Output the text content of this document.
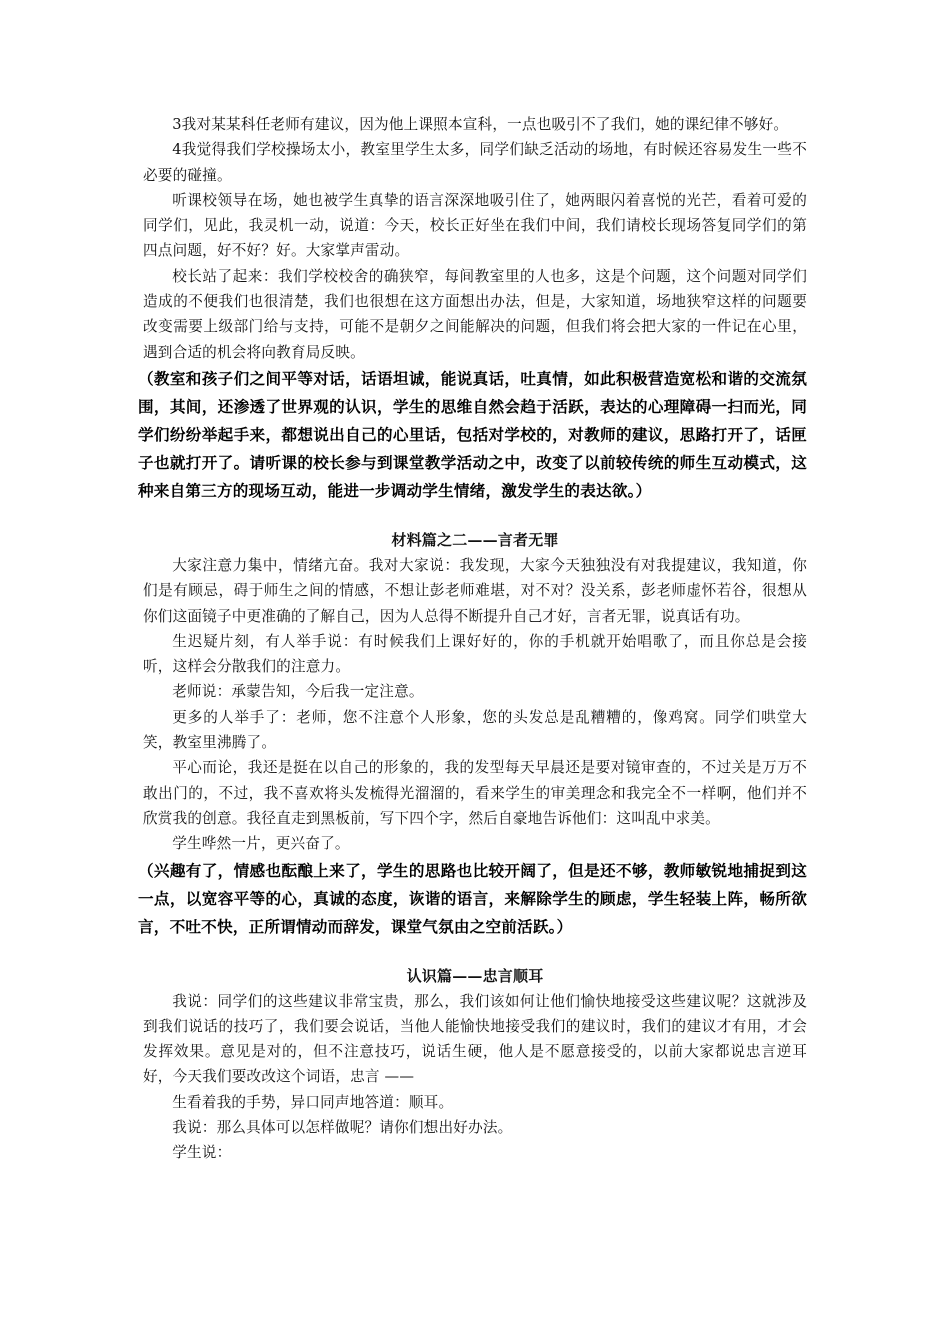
3我对某某科任老师有建议，因为他上课照本宣科，一点也吸引不了我们，她的课纪律不够好。

4我觉得我们学校操场太小，教室里学生太多，同学们缺乏活动的场地，有时候还容易发生一些不必要的碰撞。

听课校领导在场，她也被学生真挚的语言深深地吸引住了，她两眼闪着喜悦的光芒，看着可爱的同学们，见此，我灵机一动，说道：今天，校长正好坐在我们中间，我们请校长现场答复同学们的第四点问题，好不好？好。大家掌声雷动。

校长站了起来：我们学校校舍的确狭窄，每间教室里的人也多，这是个问题，这个问题对同学们造成的不便我们也很清楚，我们也很想在这方面想出办法，但是，大家知道，场地狭窄这样的问题要改变需要上级部门给与支持，可能不是朝夕之间能解决的问题，但我们将会把大家的一件记在心里，遇到合适的机会将向教育局反映。

（教室和孩子们之间平等对话，话语坦诚，能说真话，吐真情，如此积极营造宽松和谐的交流氛围，其间，还渗透了世界观的认识，学生的思维自然会趋于活跃，表达的心理障碍一扫而光，同学们纷纷举起手来，都想说出自己的心里话，包括对学校的，对教师的建议，思路打开了，话匣子也就打开了。请听课的校长参与到课堂教学活动之中，改变了以前较传统的师生互动模式，这种来自第三方的现场互动，能进一步调动学生情绪，激发学生的表达欲。）

材料篇之二——言者无罪

大家注意力集中，情绪亢奋。我对大家说：我发现，大家今天独独没有对我提建议，我知道，你们是有顾忌，碍于师生之间的情感，不想让彭老师难堪，对不对？没关系，彭老师虚怀若谷，很想从你们这面镜子中更准确的了解自己，因为人总得不断提升自己才好，言者无罪，说真话有功。

生迟疑片刻，有人举手说：有时候我们上课好好的，你的手机就开始唱歌了，而且你总是会接听，这样会分散我们的注意力。

老师说：承蒙告知，今后我一定注意。

更多的人举手了：老师，您不注意个人形象，您的头发总是乱糟糟的，像鸡窝。同学们哄堂大笑，教室里沸腾了。

平心而论，我还是挺在以自己的形象的，我的发型每天早晨还是要对镜审查的，不过关是万万不敢出门的，不过，我不喜欢将头发梳得光溜溜的，看来学生的审美理念和我完全不一样啊，他们并不欣赏我的创意。我径直走到黑板前，写下四个字，然后自豪地告诉他们：这叫乱中求美。

学生哗然一片，更兴奋了。

（兴趣有了，情感也酝酿上来了，学生的思路也比较开阔了，但是还不够，教师敏锐地捕捉到这一点，以宽容平等的心，真诚的态度，诙谐的语言，来解除学生的顾虑，学生轻装上阵，畅所欲言，不吐不快，正所谓情动而辞发，课堂气氛由之空前活跃。）

认识篇——忠言顺耳

我说：同学们的这些建议非常宝贵，那么，我们该如何让他们愉快地接受这些建议呢？这就涉及到我们说话的技巧了，我们要会说话，当他人能愉快地接受我们的建议时，我们的建议才有用，才会发挥效果。意见是对的，但不注意技巧，说话生硬，他人是不愿意接受的，以前大家都说忠言逆耳好，今天我们要改改这个词语，忠言 ——

生看着我的手势，异口同声地答道：顺耳。

我说：那么具体可以怎样做呢？请你们想出好办法。

学生说：
